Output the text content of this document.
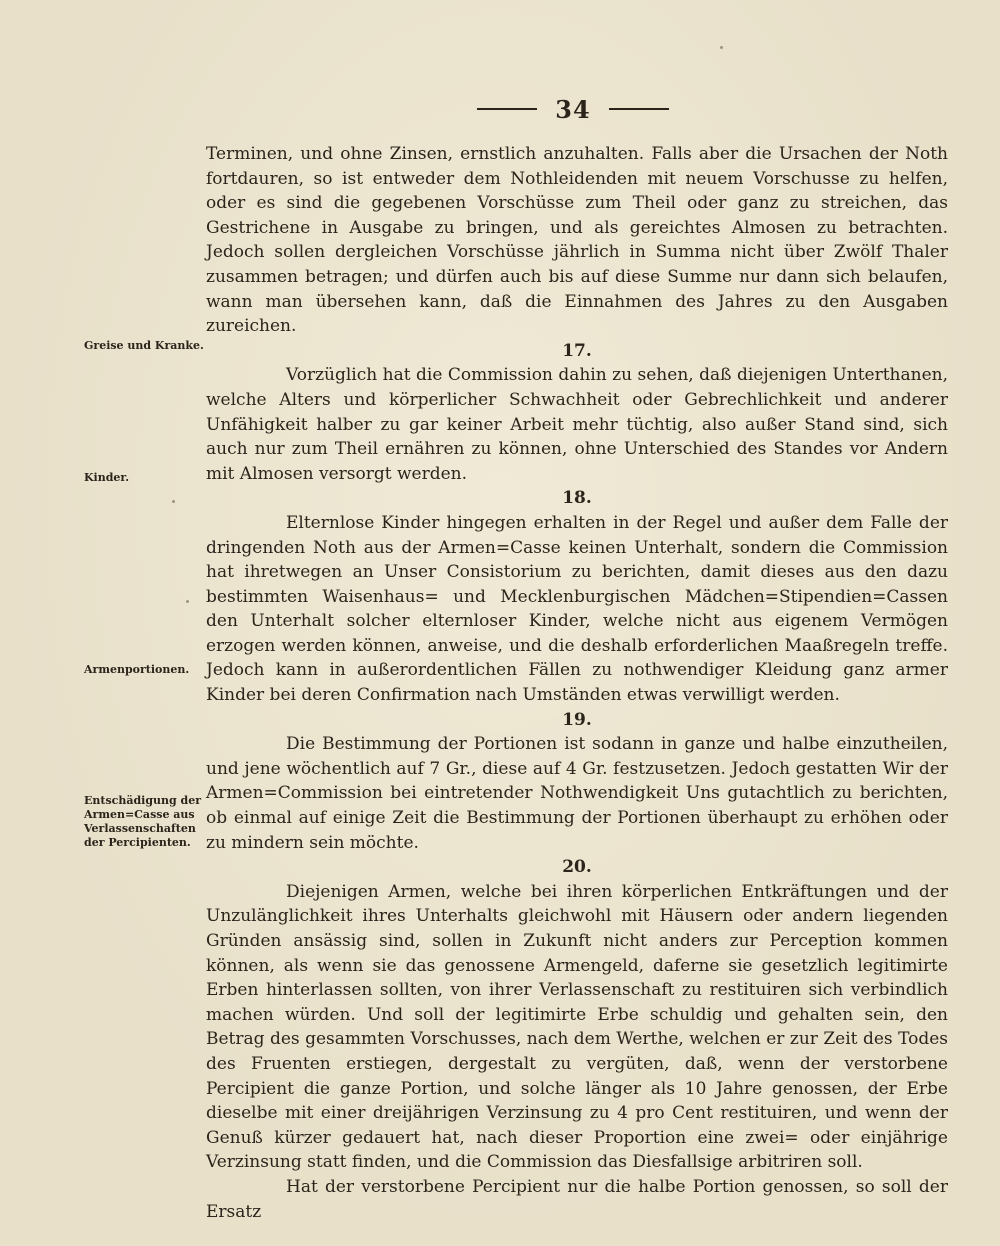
34
Greise und Kranke.
Kinder.
Armenportionen.
Entschädigung der Armen=Casse aus Verlassenschaften der Percipienten.

Terminen, und ohne Zinsen, ernstlich anzuhalten. Falls aber die Ursachen der Noth fortdauren, so ist entweder dem Nothleidenden mit neuem Vorschusse zu helfen, oder es sind die gegebenen Vorschüsse zum Theil oder ganz zu streichen, das Gestrichene in Ausgabe zu bringen, und als gereichtes Almosen zu betrachten. Jedoch sollen dergleichen Vorschüsse jährlich in Summa nicht über Zwölf Thaler zusammen betragen; und dürfen auch bis auf diese Summe nur dann sich belaufen, wann man übersehen kann, daß die Einnahmen des Jahres zu den Ausgaben zureichen.

17.

Vorzüglich hat die Commission dahin zu sehen, daß diejenigen Unterthanen, welche Alters und körperlicher Schwachheit oder Gebrechlichkeit und anderer Unfähigkeit halber zu gar keiner Arbeit mehr tüchtig, also außer Stand sind, sich auch nur zum Theil ernähren zu können, ohne Unterschied des Standes vor Andern mit Almosen versorgt werden.

18.

Elternlose Kinder hingegen erhalten in der Regel und außer dem Falle der dringenden Noth aus der Armen=Casse keinen Unterhalt, sondern die Commission hat ihretwegen an Unser Consistorium zu berichten, damit dieses aus den dazu bestimmten Waisenhaus= und Mecklenburgischen Mädchen=Stipendien=Cassen den Unterhalt solcher elternloser Kinder, welche nicht aus eigenem Vermögen erzogen werden können, anweise, und die deshalb erforderlichen Maaßregeln treffe. Jedoch kann in außerordentlichen Fällen zu nothwendiger Kleidung ganz armer Kinder bei deren Confirmation nach Umständen etwas verwilligt werden.

19.

Die Bestimmung der Portionen ist sodann in ganze und halbe einzutheilen, und jene wöchentlich auf 7 Gr., diese auf 4 Gr. festzusetzen. Jedoch gestatten Wir der Armen=Commission bei eintretender Nothwendigkeit Uns gutachtlich zu berichten, ob einmal auf einige Zeit die Bestimmung der Portionen überhaupt zu erhöhen oder zu mindern sein möchte.

20.

Diejenigen Armen, welche bei ihren körperlichen Entkräftungen und der Unzulänglichkeit ihres Unterhalts gleichwohl mit Häusern oder andern liegenden Gründen ansässig sind, sollen in Zukunft nicht anders zur Perception kommen können, als wenn sie das genossene Armengeld, daferne sie gesetzlich legitimirte Erben hinterlassen sollten, von ihrer Verlassenschaft zu restituiren sich verbindlich machen würden. Und soll der legitimirte Erbe schuldig und gehalten sein, den Betrag des gesammten Vorschusses, nach dem Werthe, welchen er zur Zeit des Todes des Fruenten erstiegen, dergestalt zu vergüten, daß, wenn der verstorbene Percipient die ganze Portion, und solche länger als 10 Jahre genossen, der Erbe dieselbe mit einer dreijährigen Verzinsung zu 4 pro Cent restituiren, und wenn der Genuß kürzer gedauert hat, nach dieser Proportion eine zwei= oder einjährige Verzinsung statt finden, und die Commission das Diesfallsige arbitriren soll.

Hat der verstorbene Percipient nur die halbe Portion genossen, so soll der Ersatz
